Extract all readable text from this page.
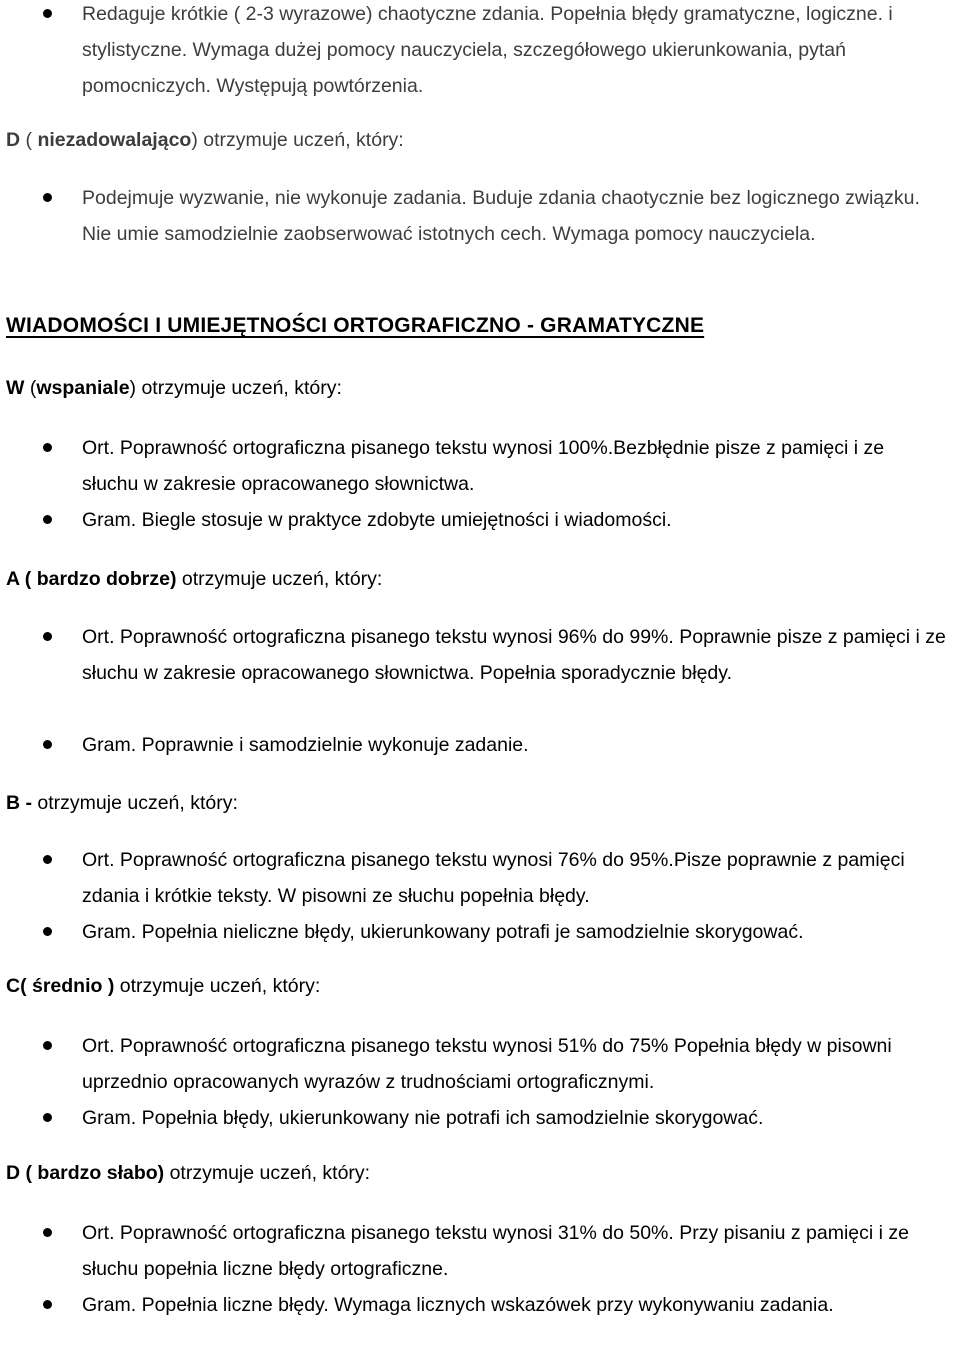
Redaguje krótkie ( 2-3 wyrazowe) chaotyczne zdania. Popełnia błędy gramatyczne, logiczne. i stylistyczne. Wymaga dużej pomocy nauczyciela, szczegółowego ukierunkowania, pytań pomocniczych. Występują powtórzenia.
D ( niezadowalająco) otrzymuje uczeń, który:
Podejmuje wyzwanie, nie wykonuje zadania. Buduje zdania chaotycznie bez logicznego związku. Nie umie samodzielnie zaobserwować istotnych cech. Wymaga pomocy nauczyciela.
WIADOMOŚCI I UMIEJĘTNOŚCI ORTOGRAFICZNO - GRAMATYCZNE
W (wspaniale) otrzymuje uczeń, który:
Ort. Poprawność ortograficzna pisanego tekstu wynosi 100%.Bezbłędnie pisze z pamięci i ze słuchu w zakresie opracowanego słownictwa.
Gram. Biegle stosuje w praktyce zdobyte umiejętności i wiadomości.
A ( bardzo dobrze) otrzymuje uczeń, który:
Ort. Poprawność ortograficzna pisanego tekstu wynosi 96% do 99%. Poprawnie pisze z pamięci i ze słuchu w zakresie opracowanego słownictwa. Popełnia sporadycznie błędy.
Gram. Poprawnie i samodzielnie wykonuje zadanie.
B - otrzymuje uczeń, który:
Ort. Poprawność ortograficzna pisanego tekstu wynosi 76% do 95%.Pisze poprawnie z pamięci zdania i krótkie teksty. W pisowni ze słuchu popełnia błędy.
Gram. Popełnia nieliczne błędy, ukierunkowany potrafi je samodzielnie skorygować.
C( średnio ) otrzymuje uczeń, który:
Ort. Poprawność ortograficzna pisanego tekstu wynosi 51% do 75% Popełnia błędy w pisowni uprzednio opracowanych wyrazów z trudnościami ortograficznymi.
Gram. Popełnia błędy, ukierunkowany nie potrafi ich samodzielnie skorygować.
D ( bardzo słabo) otrzymuje uczeń, który:
Ort. Poprawność ortograficzna pisanego tekstu wynosi 31% do 50%. Przy pisaniu z pamięci i ze słuchu popełnia liczne błędy ortograficzne.
Gram. Popełnia liczne błędy. Wymaga licznych wskazówek przy wykonywaniu zadania.
